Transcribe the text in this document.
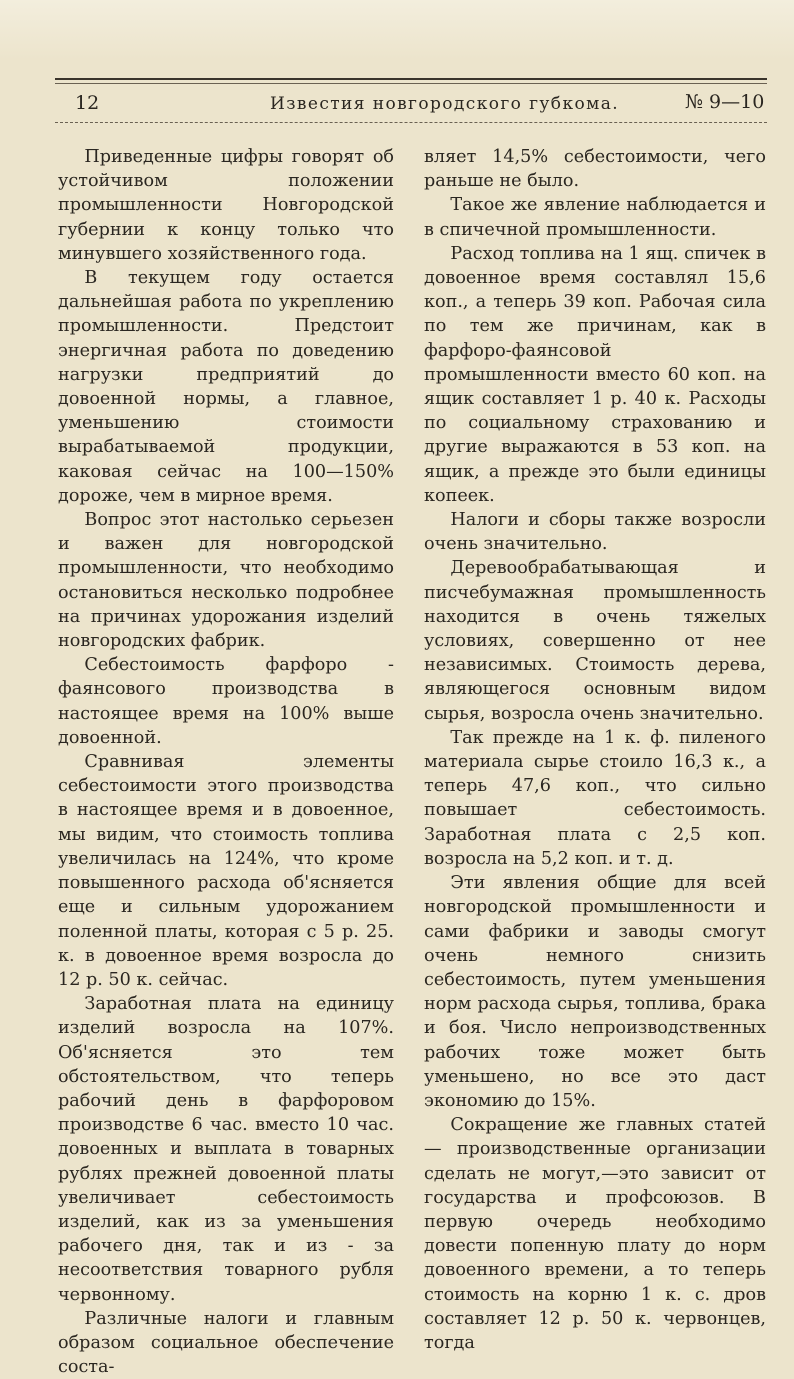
12	Известия новгородского губкома.	№ 9—10

Приведенные цифры говорят об устойчивом положении промышленности Новгородской губернии к концу только что минувшего хозяйственного года.

В текущем году остается дальнейшая работа по укреплению промышленности. Предстоит энергичная работа по доведению нагрузки предприятий до довоенной нормы, а главное, уменьшению стоимости вырабатываемой продукции, каковая сейчас на 100—150% дороже, чем в мирное время.

Вопрос этот настолько серьезен и важен для новгородской промышленности, что необходимо остановиться несколько подробнее на причинах удорожания изделий новгородских фабрик.

Себестоимость фарфоро - фаянсового производства в настоящее время на 100% выше довоенной.

Сравнивая элементы себестоимости этого производства в настоящее время и в довоенное, мы видим, что стоимость топлива увеличилась на 124%, что кроме повышенного расхода об'ясняется еще и сильным удорожанием поленной платы, которая с 5 р. 25. к. в довоенное время возросла до 12 р. 50 к. сейчас.

Заработная плата на единицу изделий возросла на 107%. Об'ясняется это тем обстоятельством, что теперь рабочий день в фарфоровом производстве 6 час. вместо 10 час. довоенных и выплата в товарных рублях прежней довоенной платы увеличивает себестоимость изделий, как из за уменьшения рабочего дня, так и из - за несоответствия товарного рубля червонному.

Различные налоги и главным образом социальное обеспечение соста-

вляет 14,5% себестоимости, чего раньше не было.

Такое же явление наблюдается и в спичечной промышленности.

Расход топлива на 1 ящ. спичек в довоенное время составлял 15,6 коп., а теперь 39 коп. Рабочая сила по тем же причинам, как в фарфоро-фаянсовой промышленности вместо 60 коп. на ящик составляет 1 р. 40 к. Расходы по социальному страхованию и другие выражаются в 53 коп. на ящик, а прежде это были единицы копеек.

Налоги и сборы также возросли очень значительно.

Деревообрабатывающая и писчебумажная промышленность находится в очень тяжелых условиях, совершенно от нее независимых. Стоимость дерева, являющегося основным видом сырья, возросла очень значительно.

Так прежде на 1 к. ф. пиленого материала сырье стоило 16,3 к., а теперь 47,6 коп., что сильно повышает себестоимость. Заработная плата с 2,5 коп. возросла на 5,2 коп. и т. д.

Эти явления общие для всей новгородской промышленности и сами фабрики и заводы смогут очень немного снизить себестоимость, путем уменьшения норм расхода сырья, топлива, брака и боя. Число непроизводственных рабочих тоже может быть уменьшено, но все это даст экономию до 15%.

Сокращение же главных статей — производственные организации сделать не могут,—это зависит от государства и профсоюзов. В первую очередь необходимо довести попенную плату до норм довоенного времени, а то теперь стоимость на корню 1 к. с. дров составляет 12 р. 50 к. червонцев, тогда
